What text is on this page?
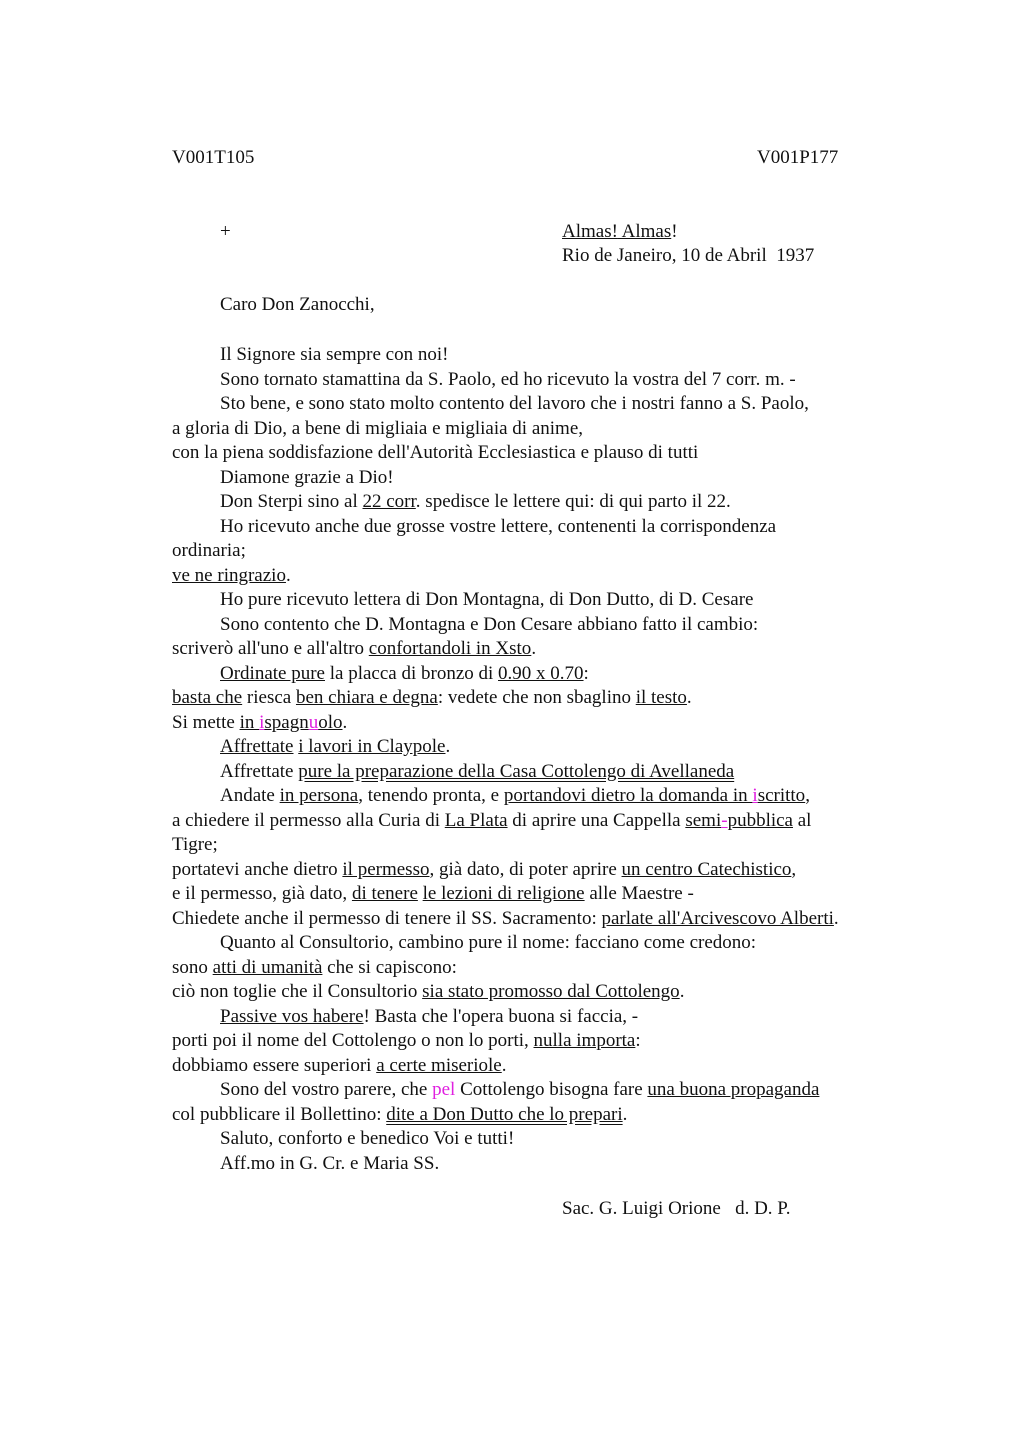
V001T105	V001P177
+	Almas! Almas!
Rio de Janeiro, 10 de Abril  1937
Caro Don Zanocchi,
Il Signore sia sempre con noi!
Sono tornato stamattina da S. Paolo, ed ho ricevuto la vostra del 7 corr. m. -
Sto bene, e sono stato molto contento del lavoro che i nostri fanno a S. Paolo,
a gloria di Dio, a bene di migliaia e migliaia di anime,
con la piena soddisfazione dell'Autorità Ecclesiastica e plauso di tutti
Diamone grazie a Dio!
Don Sterpi sino al 22 corr. spedisce le lettere qui: di qui parto il 22.
Ho ricevuto anche due grosse vostre lettere, contenenti la corrispondenza
ordinaria;
ve ne ringrazio.
Ho pure ricevuto lettera di Don Montagna, di Don Dutto, di D. Cesare
Sono contento che D. Montagna e Don Cesare abbiano fatto il cambio:
scriverò all'uno e all'altro confortandoli in Xsto.
Ordinate pure la placca di bronzo di 0.90 x 0.70:
basta che riesca ben chiara e degna: vedete che non sbaglino il testo.
Si mette in ispagnuolo.
Affrettate i lavori in Claypole.
Affrettate pure la preparazione della Casa Cottolengo di Avellaneda
Andate in persona, tenendo pronta, e portandovi dietro la domanda in iscritto,
a chiedere il permesso alla Curia di La Plata di aprire una Cappella semi-pubblica al
Tigre;
portatevi anche dietro il permesso, già dato, di poter aprire un centro Catechistico,
e il permesso, già dato, di tenere le lezioni di religione alle Maestre -
Chiedete anche il permesso di tenere il SS. Sacramento: parlate all'Arcivescovo Alberti.
Quanto al Consultorio, cambino pure il nome: facciano come credono:
sono atti di umanità che si capiscono:
ciò non toglie che il Consultorio sia stato promosso dal Cottolengo.
Passive vos habere! Basta che l'opera buona si faccia, -
porti poi il nome del Cottolengo o non lo porti, nulla importa:
dobbiamo essere superiori a certe miseriole.
Sono del vostro parere, che pel Cottolengo bisogna fare una buona propaganda
col pubblicare il Bollettino: dite a Don Dutto che lo prepari.
Saluto, conforto e benedico Voi e tutti!
Aff.mo in G. Cr. e Maria SS.
Sac. G. Luigi Orione   d. D. P.
